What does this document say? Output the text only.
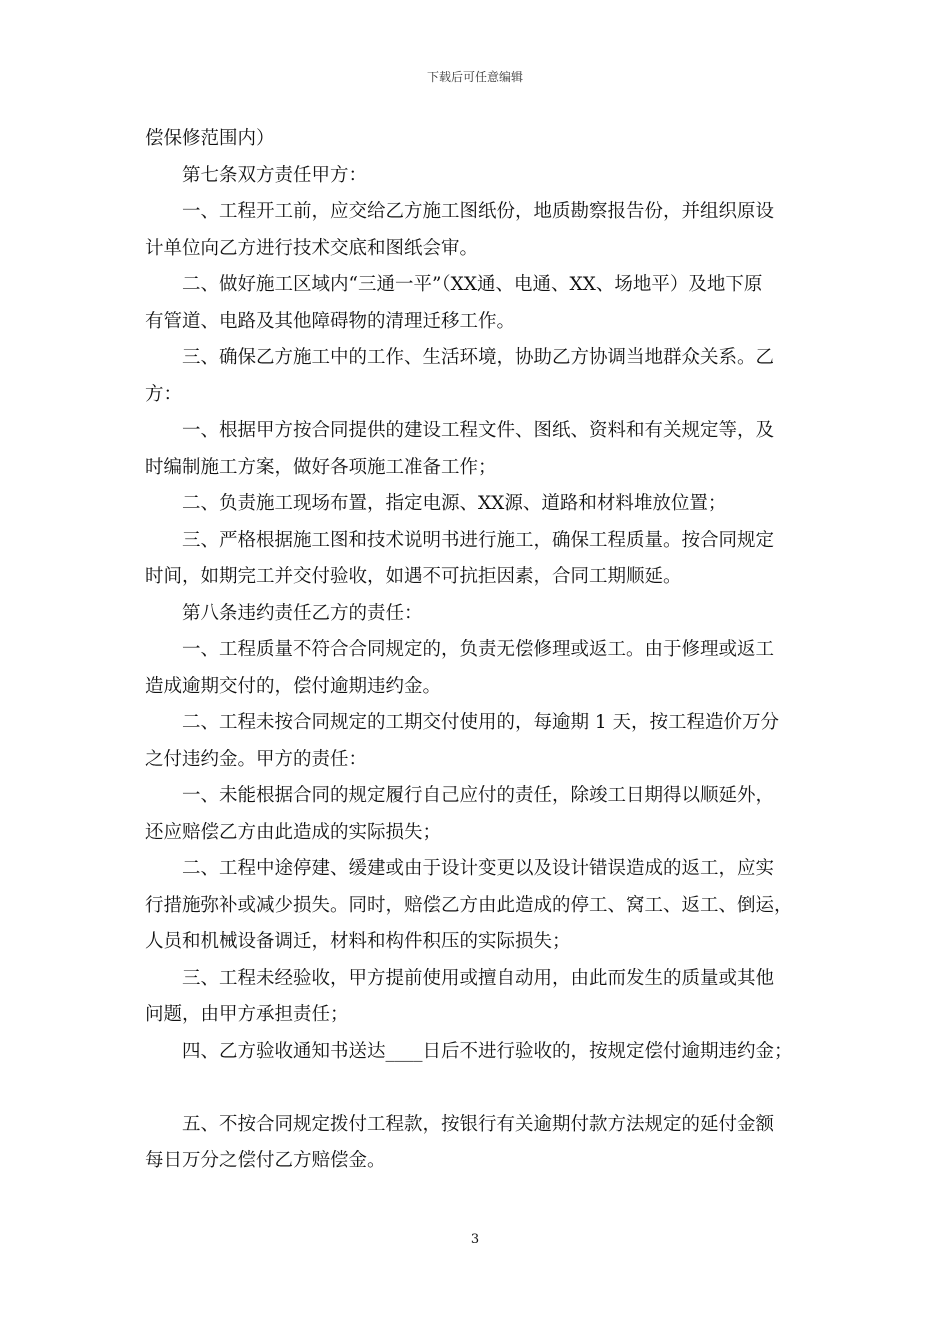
下载后可任意编辑
偿保修范围内）
第七条双方责任甲方：
一、工程开工前，应交给乙方施工图纸份，地质勘察报告份，并组织原设
计单位向乙方进行技术交底和图纸会审。
二、做好施工区域内“三通一平”（XX通、电通、XX、场地平）及地下原
有管道、电路及其他障碍物的清理迁移工作。
三、确保乙方施工中的工作、生活环境，协助乙方协调当地群众关系。乙
方：
一、根据甲方按合同提供的建设工程文件、图纸、资料和有关规定等，及
时编制施工方案，做好各项施工准备工作；
二、负责施工现场布置，指定电源、XX源、道路和材料堆放位置；
三、严格根据施工图和技术说明书进行施工，确保工程质量。按合同规定
时间，如期完工并交付验收，如遇不可抗拒因素，合同工期顺延。
第八条违约责任乙方的责任：
一、工程质量不符合合同规定的，负责无偿修理或返工。由于修理或返工
造成逾期交付的，偿付逾期违约金。
二、工程未按合同规定的工期交付使用的，每逾期 1 天，按工程造价万分
之付违约金。甲方的责任：
一、未能根据合同的规定履行自己应付的责任，除竣工日期得以顺延外，
还应赔偿乙方由此造成的实际损失；
二、工程中途停建、缓建或由于设计变更以及设计错误造成的返工，应实
行措施弥补或减少损失。同时，赔偿乙方由此造成的停工、窝工、返工、倒运，
人员和机械设备调迁，材料和构件积压的实际损失；
三、工程未经验收，甲方提前使用或擅自动用，由此而发生的质量或其他
问题，由甲方承担责任；
四、乙方验收通知书送达____日后不进行验收的，按规定偿付逾期违约金；
五、不按合同规定拨付工程款，按银行有关逾期付款方法规定的延付金额
每日万分之偿付乙方赔偿金。
3
